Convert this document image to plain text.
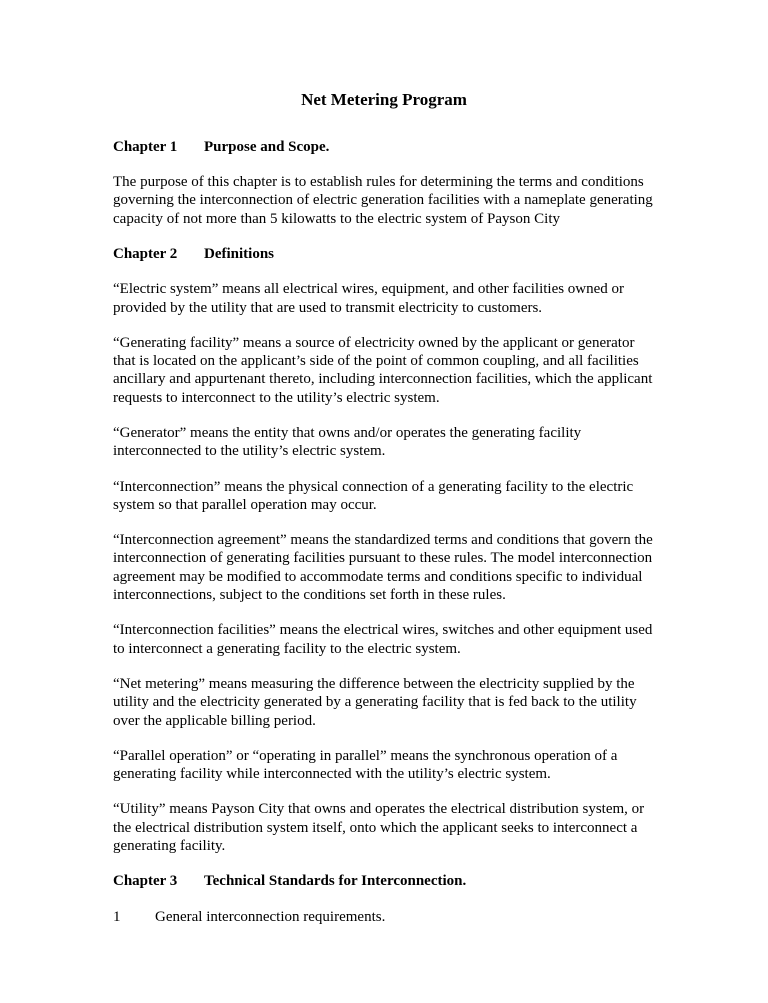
Net Metering Program
Chapter 1 Purpose and Scope.

The purpose of this chapter is to establish rules for determining the terms and conditions governing the interconnection of electric generation facilities with a nameplate generating capacity of not more than 5 kilowatts to the electric system of Payson City

Chapter 2 Definitions

“Electric system” means all electrical wires, equipment, and other facilities owned or provided by the utility that are used to transmit electricity to customers.

“Generating facility” means a source of electricity owned by the applicant or generator that is located on the applicant’s side of the point of common coupling, and all facilities ancillary and appurtenant thereto, including interconnection facilities, which the applicant requests to interconnect to the utility’s electric system.

“Generator” means the entity that owns and/or operates the generating facility interconnected to the utility’s electric system.

“Interconnection” means the physical connection of a generating facility to the electric system so that parallel operation may occur.

“Interconnection agreement” means the standardized terms and conditions that govern the interconnection of generating facilities pursuant to these rules. The model interconnection agreement may be modified to accommodate terms and conditions specific to individual interconnections, subject to the conditions set forth in these rules.

“Interconnection facilities” means the electrical wires, switches and other equipment used to interconnect a generating facility to the electric system.

“Net metering” means measuring the difference between the electricity supplied by the utility and the electricity generated by a generating facility that is fed back to the utility over the applicable billing period.

“Parallel operation” or “operating in parallel” means the synchronous operation of a generating facility while interconnected with the utility’s electric system.

“Utility” means Payson City that owns and operates the electrical distribution system, or the electrical distribution system itself, onto which the applicant seeks to interconnect a generating facility.

Chapter 3 Technical Standards for Interconnection.
1 General interconnection requirements.
